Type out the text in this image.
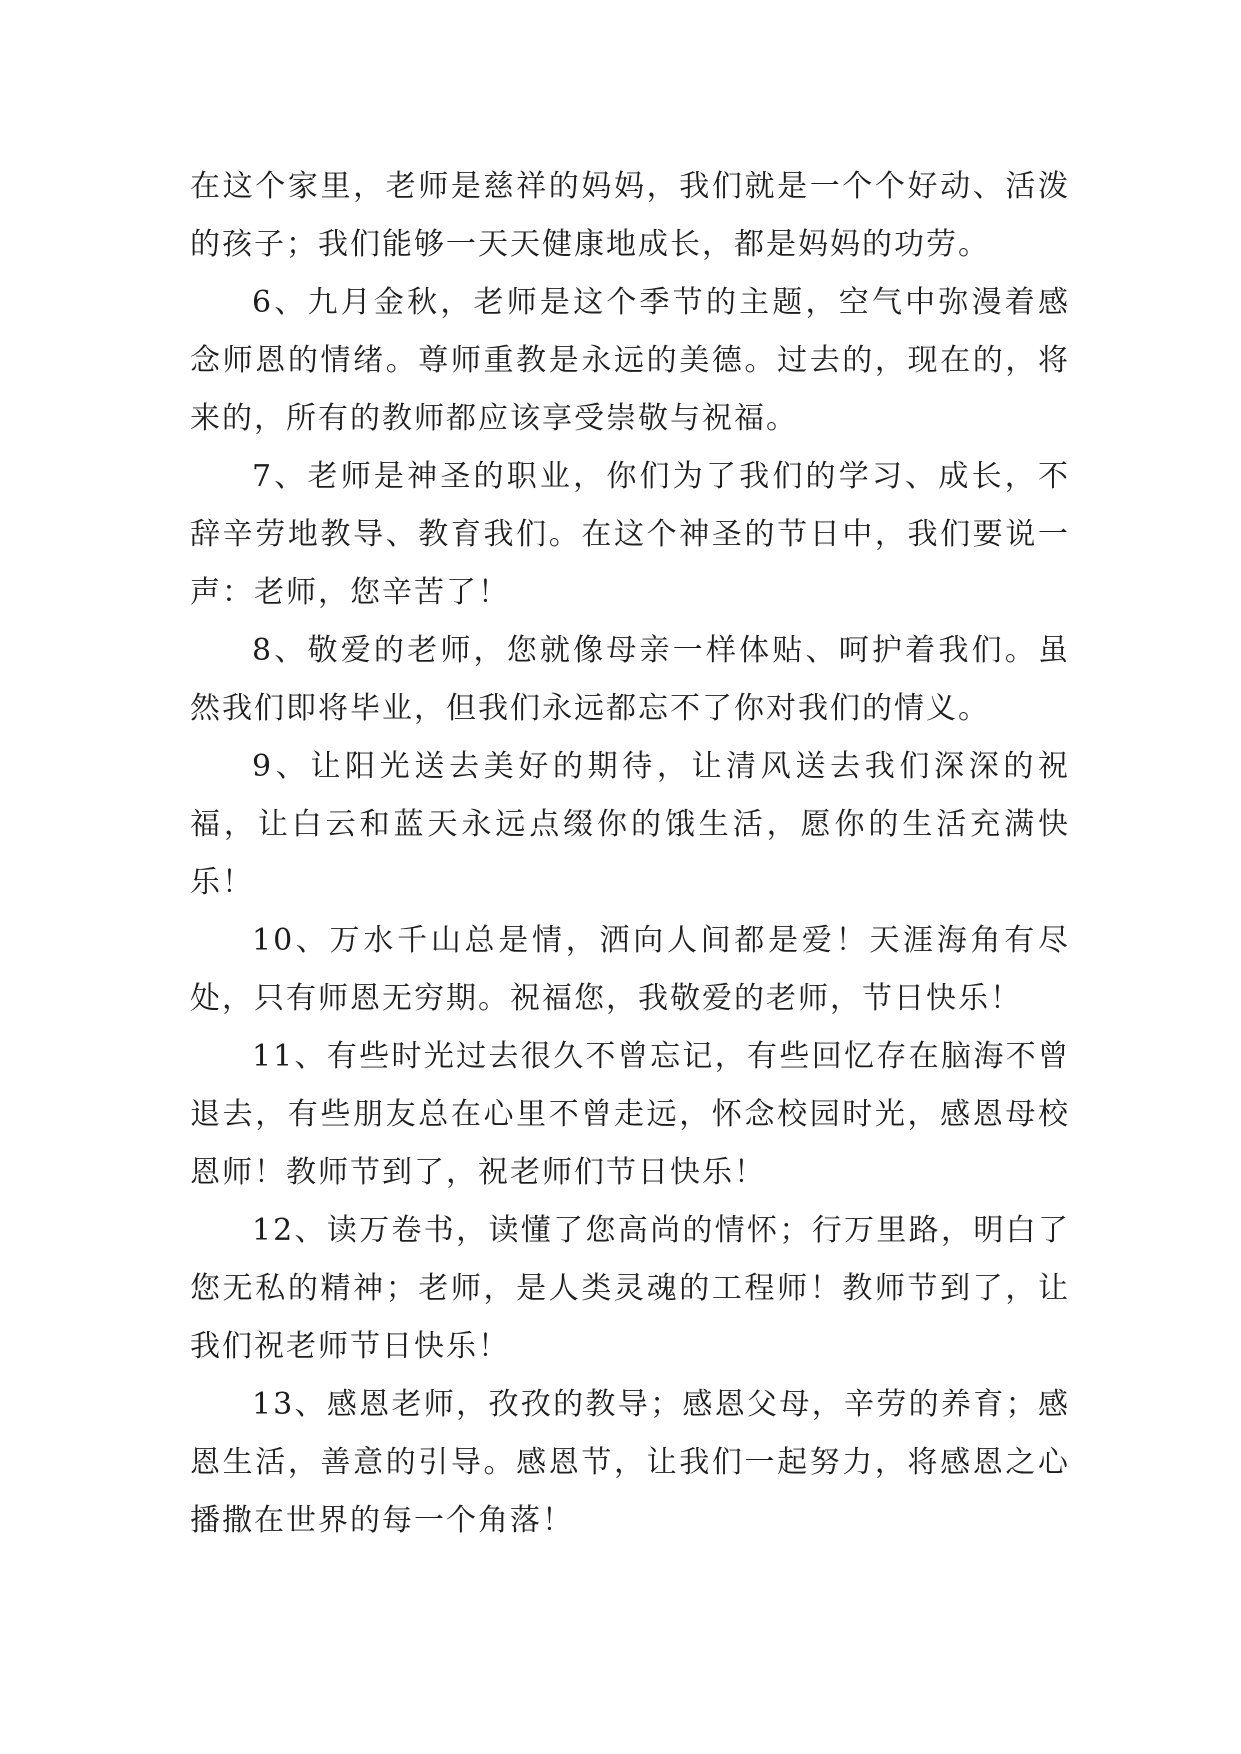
在这个家里，老师是慈祥的妈妈，我们就是一个个好动、活泼的孩子；我们能够一天天健康地成长，都是妈妈的功劳。

6、九月金秋，老师是这个季节的主题，空气中弥漫着感念师恩的情绪。尊师重教是永远的美德。过去的，现在的，将来的，所有的教师都应该享受崇敬与祝福。

7、老师是神圣的职业，你们为了我们的学习、成长，不辞辛劳地教导、教育我们。在这个神圣的节日中，我们要说一声：老师，您辛苦了！

8、敬爱的老师，您就像母亲一样体贴、呵护着我们。虽然我们即将毕业，但我们永远都忘不了你对我们的情义。

9、让阳光送去美好的期待，让清风送去我们深深的祝福，让白云和蓝天永远点缀你的饿生活，愿你的生活充满快乐！

10、万水千山总是情，洒向人间都是爱！天涯海角有尽处，只有师恩无穷期。祝福您，我敬爱的老师，节日快乐！

11、有些时光过去很久不曾忘记，有些回忆存在脑海不曾退去，有些朋友总在心里不曾走远，怀念校园时光，感恩母校恩师！教师节到了，祝老师们节日快乐！

12、读万卷书，读懂了您高尚的情怀；行万里路，明白了您无私的精神；老师，是人类灵魂的工程师！教师节到了，让我们祝老师节日快乐！

13、感恩老师，孜孜的教导；感恩父母，辛劳的养育；感恩生活，善意的引导。感恩节，让我们一起努力，将感恩之心播撒在世界的每一个角落！
